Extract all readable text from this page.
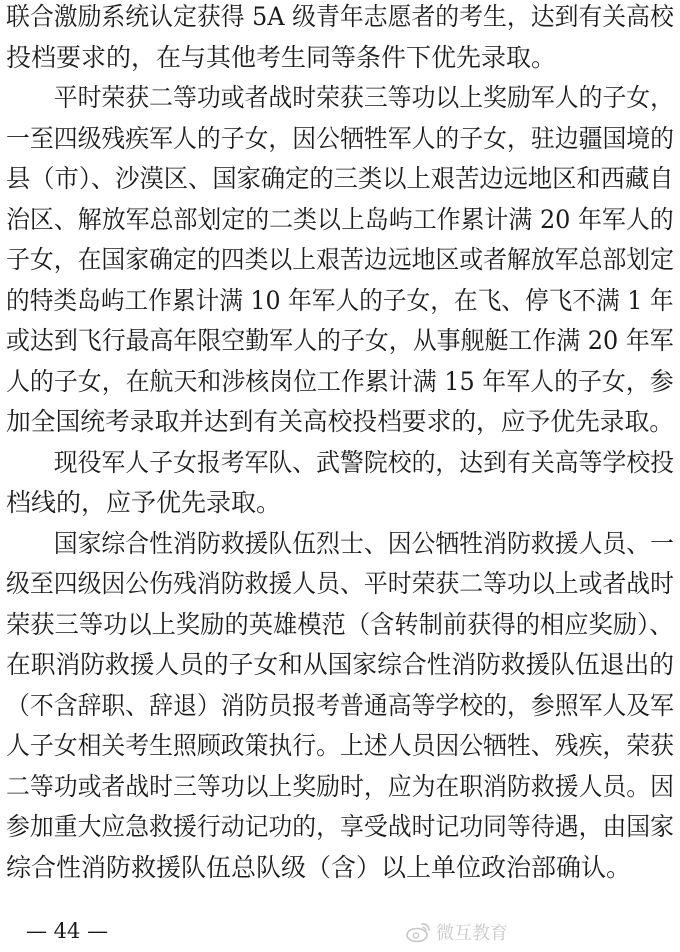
联合激励系统认定获得 5A 级青年志愿者的考生，达到有关高校
投档要求的，在与其他考生同等条件下优先录取。
　　平时荣获二等功或者战时荣获三等功以上奖励军人的子女，
一至四级残疾军人的子女，因公牺牲军人的子女，驻边疆国境的
县（市）、沙漠区、国家确定的三类以上艰苦边远地区和西藏自
治区、解放军总部划定的二类以上岛屿工作累计满 20 年军人的
子女，在国家确定的四类以上艰苦边远地区或者解放军总部划定
的特类岛屿工作累计满 10 年军人的子女，在飞、停飞不满 1 年
或达到飞行最高年限空勤军人的子女，从事舰艇工作满 20 年军
人的子女，在航天和涉核岗位工作累计满 15 年军人的子女，参
加全国统考录取并达到有关高校投档要求的，应予优先录取。
　　现役军人子女报考军队、武警院校的，达到有关高等学校投
档线的，应予优先录取。
　　国家综合性消防救援队伍烈士、因公牺牲消防救援人员、一
级至四级因公伤残消防救援人员、平时荣获二等功以上或者战时
荣获三等功以上奖励的英雄模范（含转制前获得的相应奖励）、
在职消防救援人员的子女和从国家综合性消防救援队伍退出的
（不含辞职、辞退）消防员报考普通高等学校的，参照军人及军
人子女相关考生照顾政策执行。上述人员因公牺牲、残疾，荣获
二等功或者战时三等功以上奖励时，应为在职消防救援人员。因
参加重大应急救援行动记功的，享受战时记功同等待遇，由国家
综合性消防救援队伍总队级（含）以上单位政治部确认。
— 44 —	微互教育
